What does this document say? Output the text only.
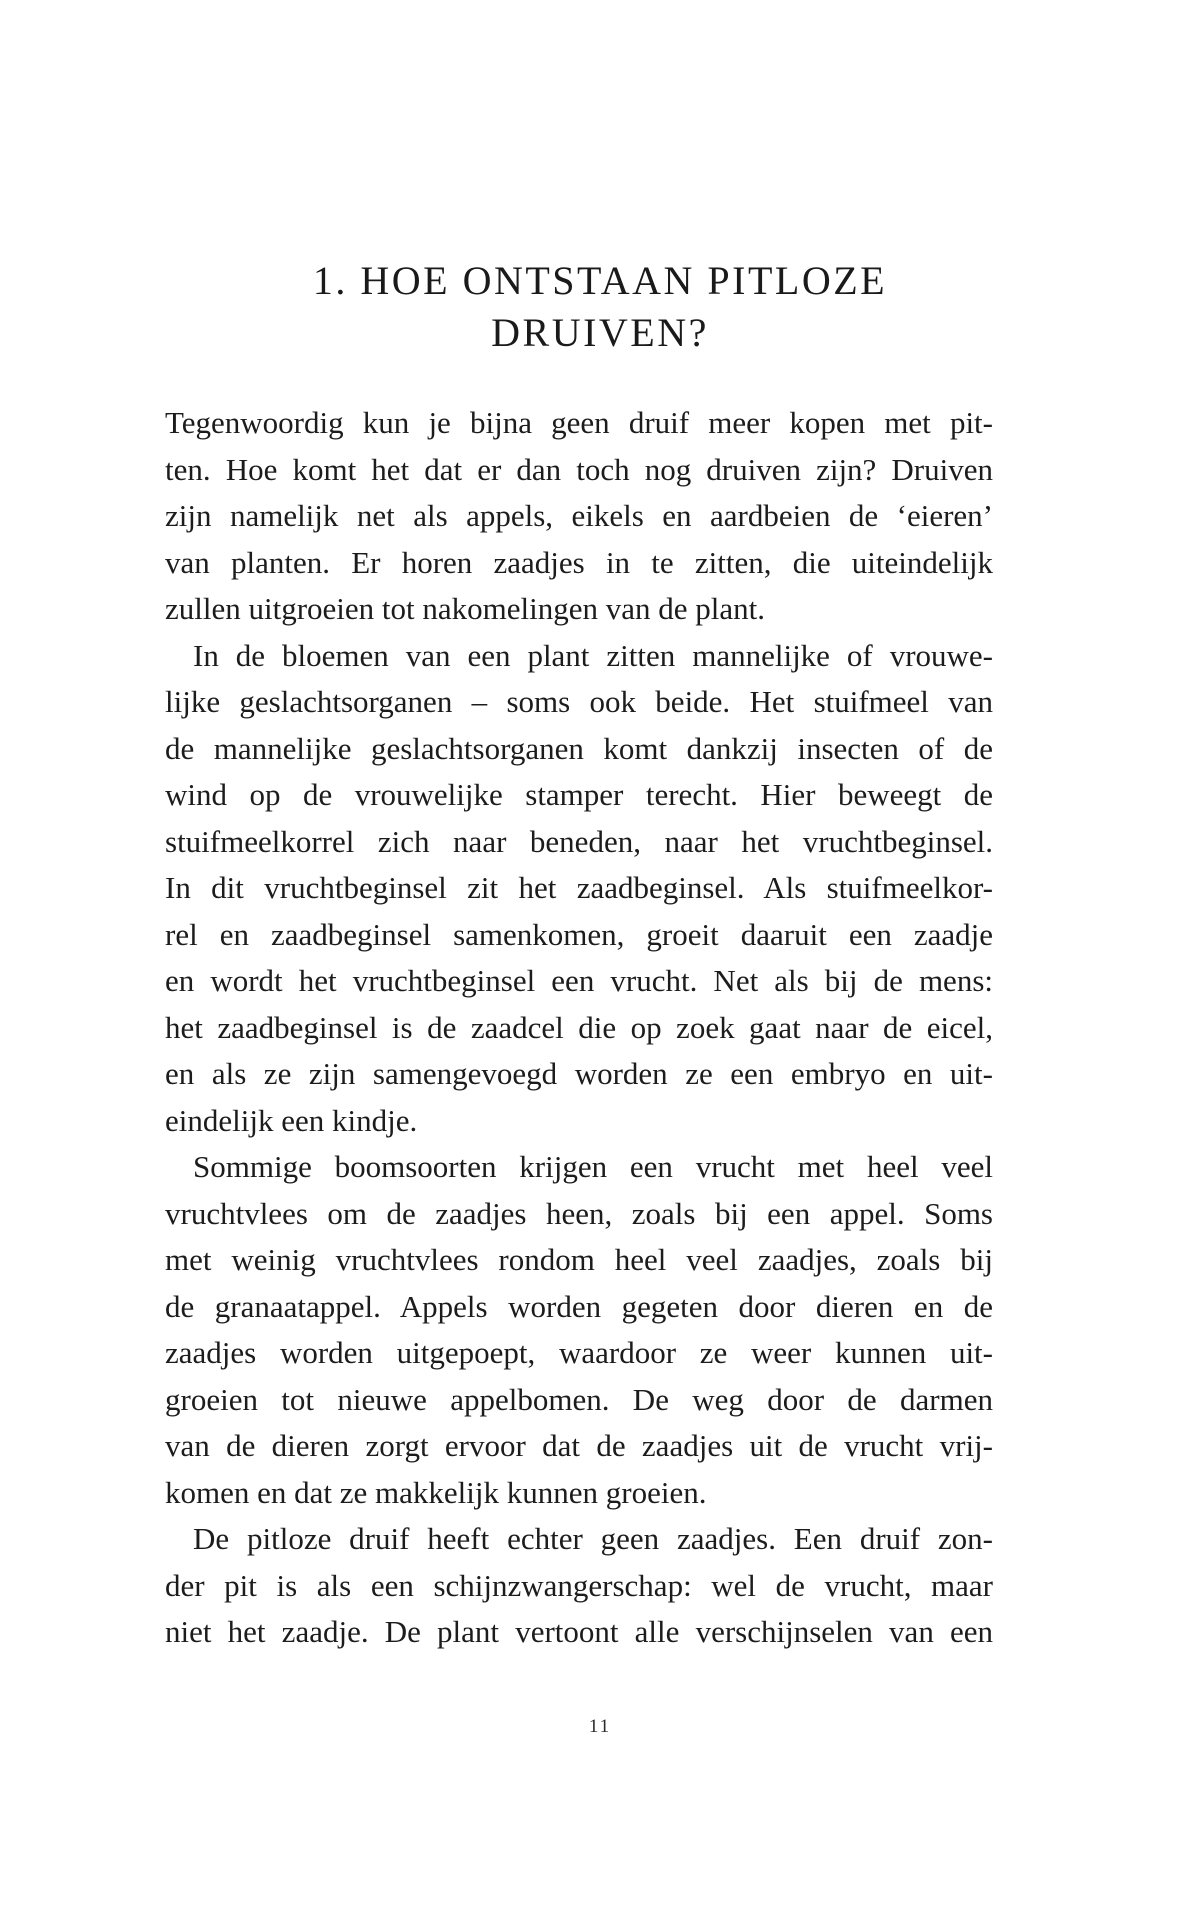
1. HOE ONTSTAAN PITLOZE
DRUIVEN?
Tegenwoordig kun je bijna geen druif meer kopen met pit-
ten. Hoe komt het dat er dan toch nog druiven zijn? Druiven
zijn namelijk net als appels, eikels en aardbeien de ‘eieren’
van planten. Er horen zaadjes in te zitten, die uiteindelijk
zullen uitgroeien tot nakomelingen van de plant.
In de bloemen van een plant zitten mannelijke of vrouwe-
lijke geslachtsorganen – soms ook beide. Het stuifmeel van
de mannelijke geslachtsorganen komt dankzij insecten of de
wind op de vrouwelijke stamper terecht. Hier beweegt de
stuifmeelkorrel zich naar beneden, naar het vruchtbeginsel.
In dit vruchtbeginsel zit het zaadbeginsel. Als stuifmeelkor-
rel en zaadbeginsel samenkomen, groeit daaruit een zaadje
en wordt het vruchtbeginsel een vrucht. Net als bij de mens:
het zaadbeginsel is de zaadcel die op zoek gaat naar de eicel,
en als ze zijn samengevoegd worden ze een embryo en uit-
eindelijk een kindje.
Sommige boomsoorten krijgen een vrucht met heel veel
vruchtvlees om de zaadjes heen, zoals bij een appel. Soms
met weinig vruchtvlees rondom heel veel zaadjes, zoals bij
de granaatappel. Appels worden gegeten door dieren en de
zaadjes worden uitgepoept, waardoor ze weer kunnen uit-
groeien tot nieuwe appelbomen. De weg door de darmen
van de dieren zorgt ervoor dat de zaadjes uit de vrucht vrij-
komen en dat ze makkelijk kunnen groeien.
De pitloze druif heeft echter geen zaadjes. Een druif zon-
der pit is als een schijnzwangerschap: wel de vrucht, maar
niet het zaadje. De plant vertoont alle verschijnselen van een
11
